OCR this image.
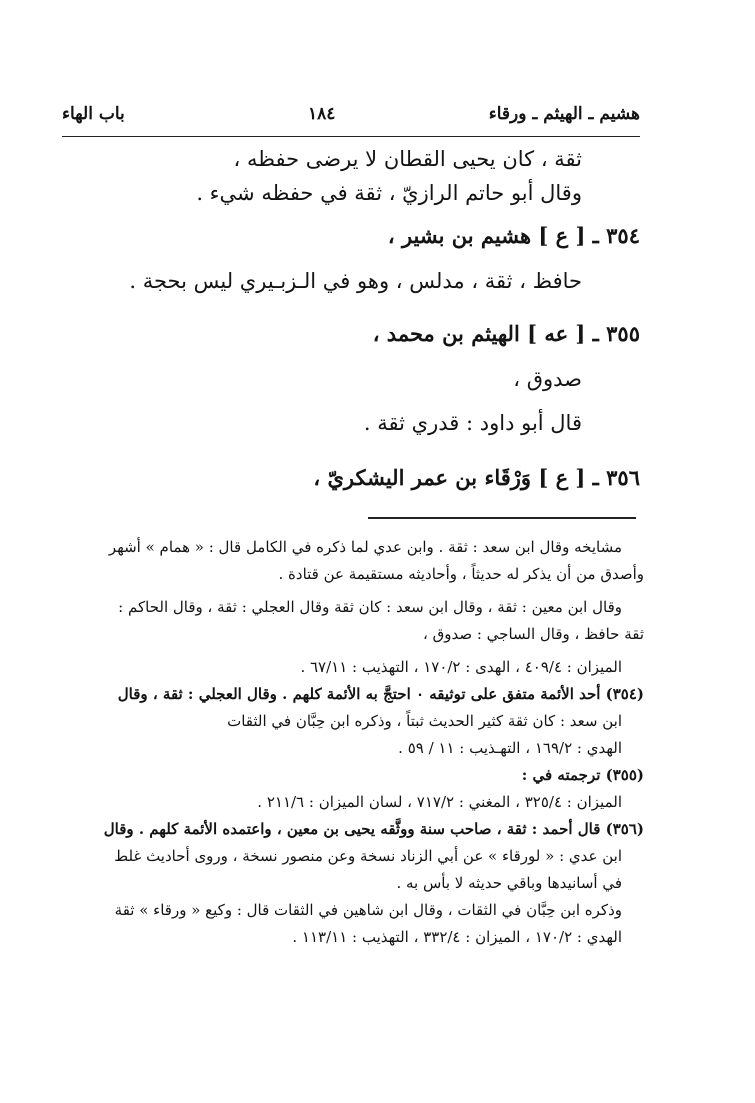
هشيم ـ الهيثم ـ ورقاء
١٨٤
باب الهاء
ثقة ، كان يحيى القطان لا يرضى حفظه ،
وقال أبو حاتم الرازيّ ، ثقة في حفظه شيء .
٣٥٤ ـ [ ع ] هشيم بن بشير ،
حافظ ، ثقة ، مدلس ، وهو في الـزبـيري ليس بحجة .
٣٥٥ ـ [ عه ] الهيثم بن محمد ،
صدوق ،
قال أبو داود : قدري ثقة .
٣٥٦ ـ [ ع ] وَرْقَاء بن عمر اليشكريّ ،
مشايخه وقال ابن سعد : ثقة . وابن عدي لما ذكره في الكامل قال : « همام » أشهر
وأصدق من أن يذكر له حديثاً ، وأحاديثه مستقيمة عن قتادة .
وقال ابن معين : ثقة ، وقال ابن سعد : كان ثقة وقال العجلي : ثقة ، وقال الحاكم :
ثقة حافظ ، وقال الساجي : صدوق ،
الميزان : ٤٠٩/٤ ، الهدى : ١٧٠/٢ ، التهذيب : ٦٧/١١ .
(٣٥٤) أحد الأئمة متفق على توثيقه ٠ احتجَّ به الأئمة كلهم . وقال العجلي : ثقة ، وقال
ابن سعد : كان ثقة كثير الحديث ثبتاً ، وذكره ابن حِبَّان في الثقات
الهدي : ١٦٩/٢ ، التهـذيب : ١١ / ٥٩ .
(٣٥٥) ترجمته في :
الميزان : ٣٢٥/٤ ، المغني : ٧١٧/٢ ، لسان الميزان : ٢١١/٦ .
(٣٥٦) قال أحمد : ثقة ، صاحب سنة ووثَّقه يحيى بن معين ، واعتمده الأئمة كلهم . وقال
ابن عدي : « لورقاء » عن أبي الزناد نسخة وعن منصور نسخة ، وروى أحاديث غلط
في أسانيدها وباقي حديثه لا بأس به .
وذكره ابن حِبَّان في الثقات ، وقال ابن شاهين في الثقات قال : وكيع « ورقاء » ثقة
الهدي : ١٧٠/٢ ، الميزان : ٣٣٢/٤ ، التهذيب : ١١٣/١١ .
